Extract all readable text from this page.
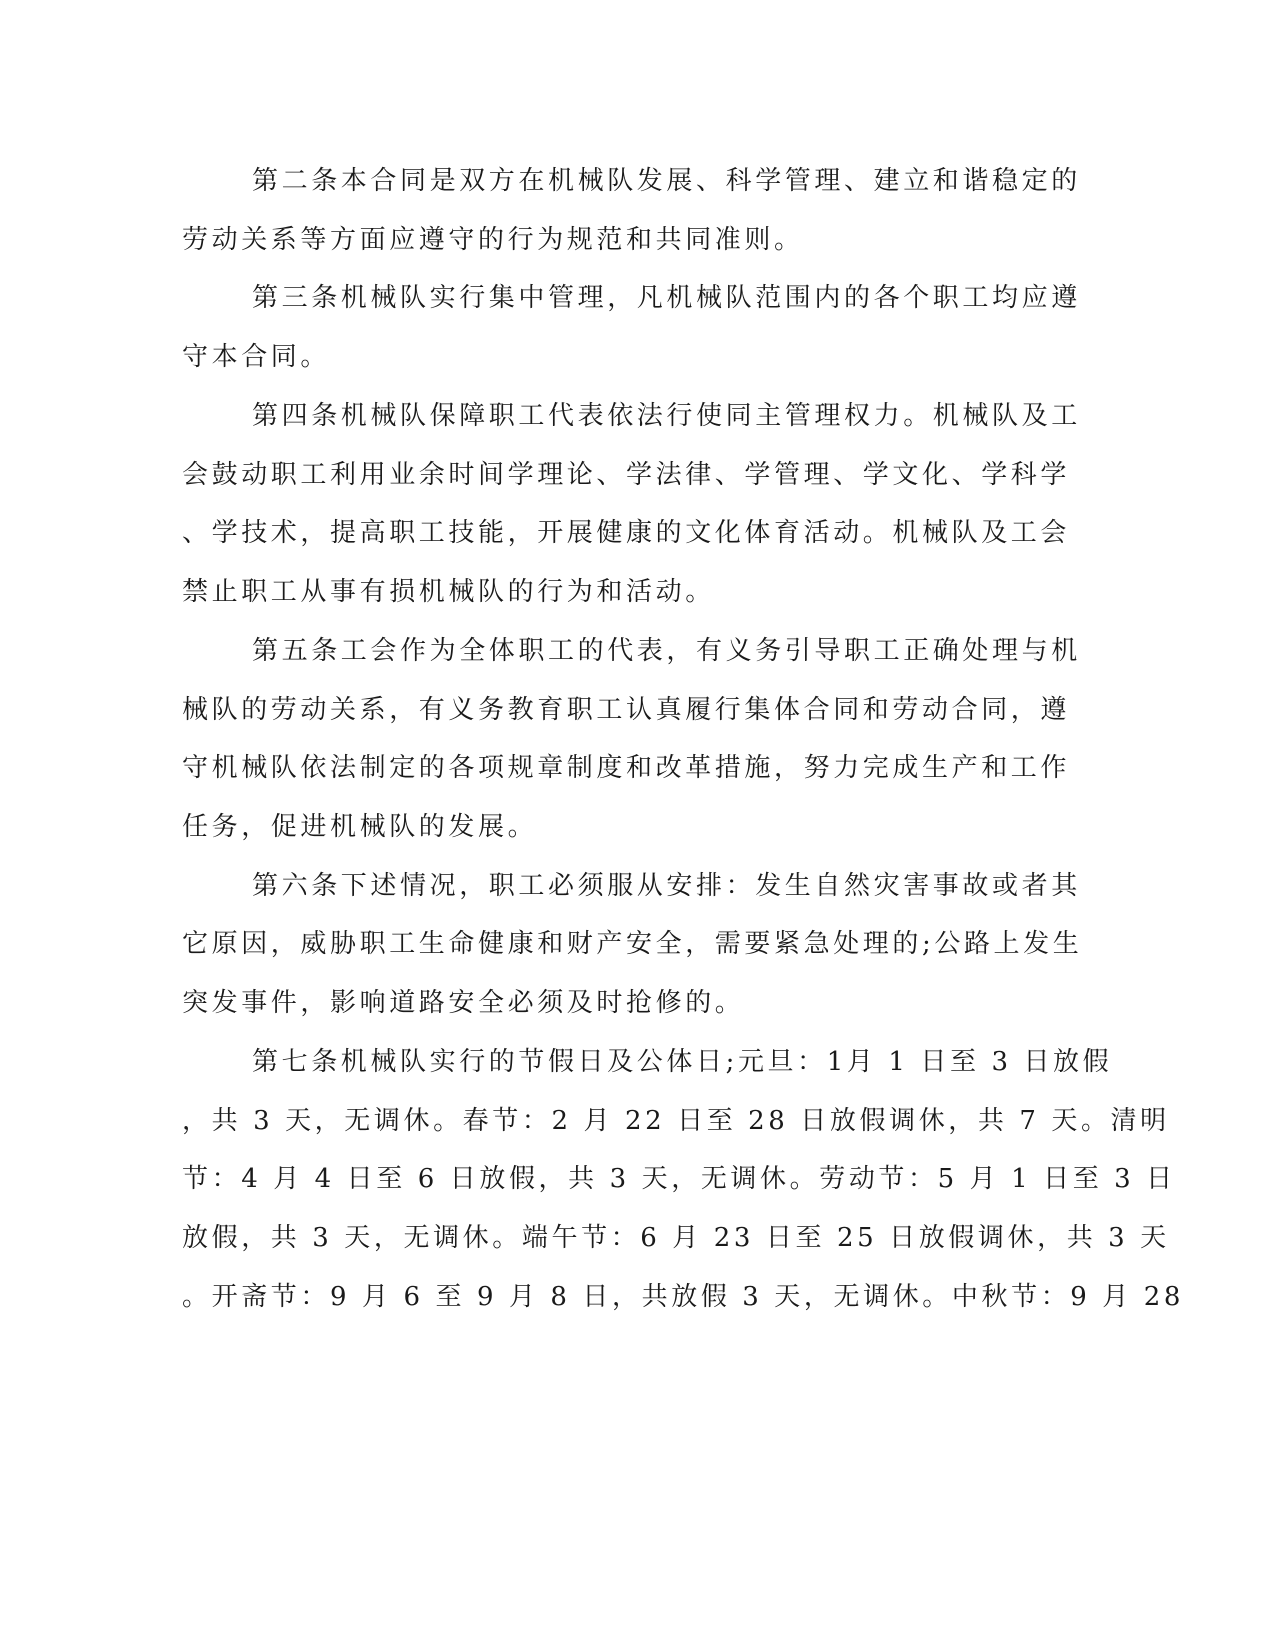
第二条本合同是双方在机械队发展、科学管理、建立和谐稳定的
劳动关系等方面应遵守的行为规范和共同准则。
第三条机械队实行集中管理，凡机械队范围内的各个职工均应遵
守本合同。
第四条机械队保障职工代表依法行使同主管理权力。机械队及工
会鼓动职工利用业余时间学理论、学法律、学管理、学文化、学科学
、学技术，提高职工技能，开展健康的文化体育活动。机械队及工会
禁止职工从事有损机械队的行为和活动。
第五条工会作为全体职工的代表，有义务引导职工正确处理与机
械队的劳动关系，有义务教育职工认真履行集体合同和劳动合同，遵
守机械队依法制定的各项规章制度和改革措施，努力完成生产和工作
任务，促进机械队的发展。
第六条下述情况，职工必须服从安排：发生自然灾害事故或者其
它原因，威胁职工生命健康和财产安全，需要紧急处理的;公路上发生
突发事件，影响道路安全必须及时抢修的。
第七条机械队实行的节假日及公体日;元旦：1月 1 日至 3 日放假
，共 3 天，无调休。春节：2 月 22 日至 28 日放假调休，共 7 天。清明
节：4 月 4 日至 6 日放假，共 3 天，无调休。劳动节：5 月 1 日至 3 日
放假，共 3 天，无调休。端午节：6 月 23 日至 25 日放假调休，共 3 天
。开斋节：9 月 6 至 9 月 8 日，共放假 3 天，无调休。中秋节：9 月 28
